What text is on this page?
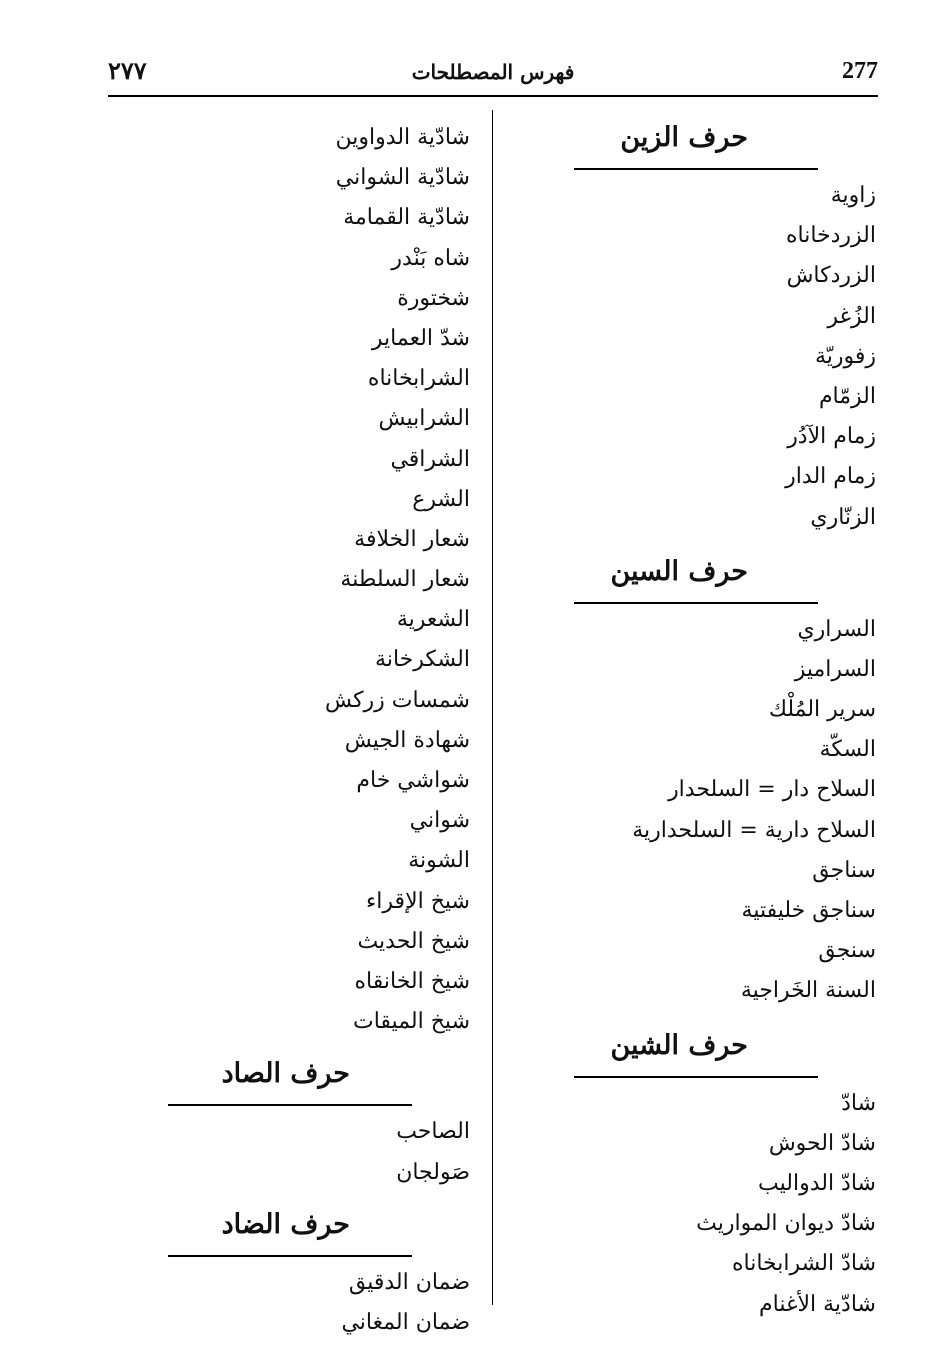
277
فهرس المصطلحات
٢٧٧
حرف الزين
زاوية
الزردخاناه
الزردكاش
الزُغر
زفوريّة
الزمّام
زمام الآدُر
زمام الدار
الزنّاري
حرف السين
السراري
السراميز
سرير المُلْك
السكّة
السلاح دار = السلحدار
السلاح دارية = السلحدارية
سناجق
سناجق خليفتية
سنجق
السنة الخَراجية
حرف الشين
شادّ
شادّ الحوش
شادّ الدواليب
شادّ ديوان المواريث
شادّ الشرابخاناه
شادّية الأغنام
شادّية الدواوين
شادّية الشواني
شادّية القمامة
شاه بَنْدر
شختورة
شدّ العماير
الشرابخاناه
الشرابيش
الشراقي
الشرع
شعار الخلافة
شعار السلطنة
الشعرية
الشكرخانة
شمسات زركش
شهادة الجيش
شواشي خام
شواني
الشونة
شيخ الإقراء
شيخ الحديث
شيخ الخانقاه
شيخ الميقات
حرف الصاد
الصاحب
صَولجان
حرف الضاد
ضمان الدقيق
ضمان المغاني
